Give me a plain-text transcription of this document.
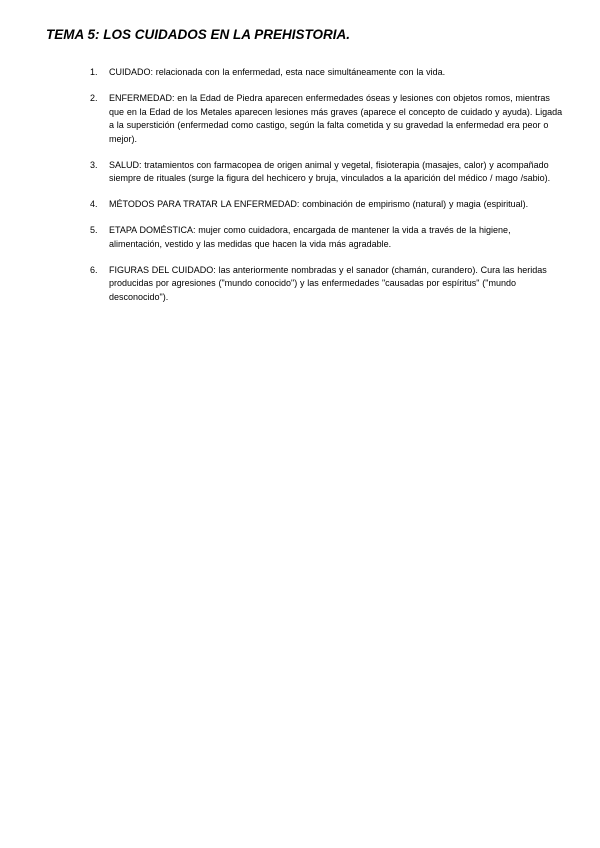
TEMA 5: LOS CUIDADOS EN LA PREHISTORIA.
1. CUIDADO: relacionada con la enfermedad, esta nace simultáneamente con la vida.
2. ENFERMEDAD: en la Edad de Piedra aparecen enfermedades óseas y lesiones con objetos romos, mientras que en la Edad de los Metales aparecen lesiones más graves (aparece el concepto de cuidado y ayuda). Ligada a la superstición (enfermedad como castigo, según la falta cometida y su gravedad la enfermedad era peor o mejor).
3. SALUD: tratamientos con farmacopea de origen animal y vegetal, fisioterapia (masajes, calor) y acompañado siempre de rituales (surge la figura del hechicero y bruja, vinculados a la aparición del médico / mago /sabio).
4. MÉTODOS PARA TRATAR LA ENFERMEDAD: combinación de empirismo (natural) y magia (espiritual).
5. ETAPA DOMÉSTICA: mujer como cuidadora, encargada de mantener la vida a través de la higiene, alimentación, vestido y las medidas que hacen la vida más agradable.
6. FIGURAS DEL CUIDADO: las anteriormente nombradas y el sanador (chamán, curandero). Cura las heridas producidas por agresiones ("mundo conocido") y las enfermedades "causadas por espíritus" ("mundo desconocido").
